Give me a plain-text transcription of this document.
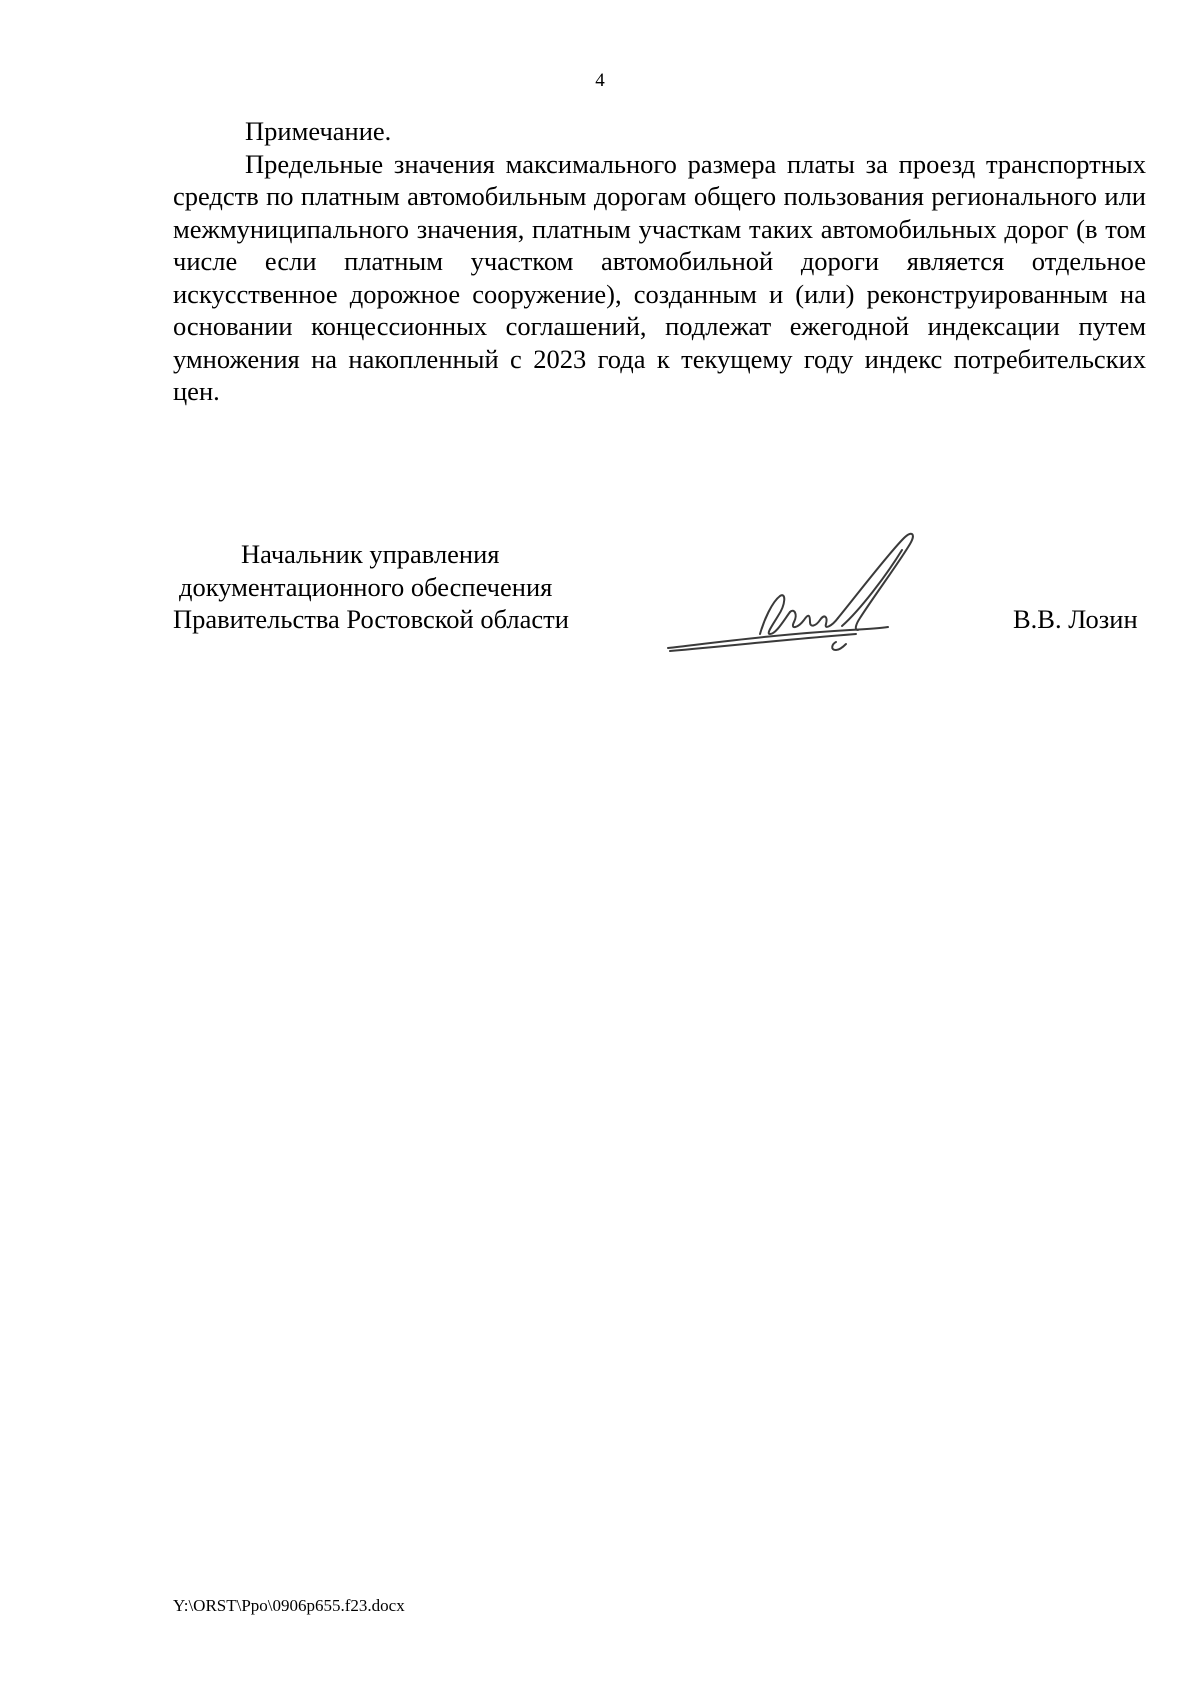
4

Примечание.

Предельные значения максимального размера платы за проезд транспортных средств по платным автомобильным дорогам общего пользования регионального или межмуниципального значения, платным участкам таких автомобильных дорог (в том числе если платным участком автомобильной дороги является отдельное искусственное дорожное сооружение), созданным и (или) реконструированным на основании концессионных соглашений, подлежат ежегодной индексации путем умножения на накопленный с 2023 года к текущему году индекс потребительских цен.

Начальник управления
документационного обеспечения
Правительства Ростовской области	В.В. Лозин
Y:\ORST\Ppo\0906p655.f23.docx
